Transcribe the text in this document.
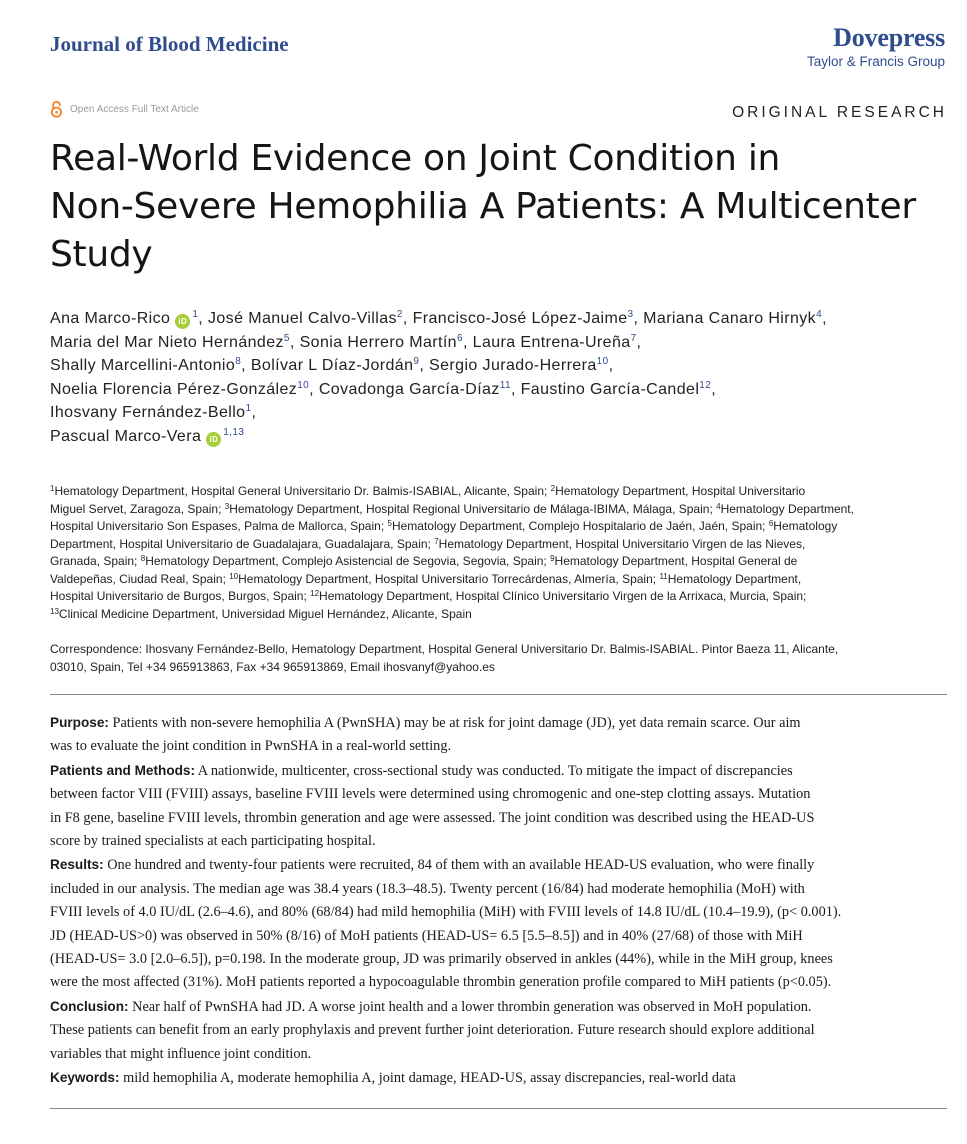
Journal of Blood Medicine	Dovepress
Taylor & Francis Group
Open Access Full Text Article	ORIGINAL RESEARCH
Real-World Evidence on Joint Condition in
Non-Severe Hemophilia A Patients: A Multicenter
Study
Ana Marco-Rico $iD^1$, José Manuel Calvo-Villas$^2$, Francisco-José López-Jaime$^3$, Mariana Canaro Hirnyk$^4$,
Maria del Mar Nieto Hernández$^5$, Sonia Herrero Martín$^6$, Laura Entrena-Ureña$^7$,
Shally Marcellini-Antonio$^8$, Bolívar L Díaz-Jordán$^9$, Sergio Jurado-Herrera$^{10}$,
Noelia Florencia Pérez-González$^{10}$, Covadonga García-Díaz$^{11}$, Faustino García-Candel$^{12}$,
Ihosvany Fernández-Bello$^1$,
Pascual Marco-Vera iD$^{1,13}$
$^1$Hematology Department, Hospital General Universitario Dr. Balmis-ISABIAL, Alicante, Spain; $^2$Hematology Department, Hospital Universitario
Miguel Servet, Zaragoza, Spain; $^3$Hematology Department, Hospital Regional Universitario de Málaga-IBIMA, Málaga, Spain; $^4$Hematology Department,
Hospital Universitario Son Espases, Palma de Mallorca, Spain; $^5$Hematology Department, Complejo Hospitalario de Jaén, Jaén, Spain; $^6$Hematology
Department, Hospital Universitario de Guadalajara, Guadalajara, Spain; $^7$Hematology Department, Hospital Universitario Virgen de las Nieves,
Granada, Spain; $^8$Hematology Department, Complejo Asistencial de Segovia, Segovia, Spain; $^9$Hematology Department, Hospital General de
Valdepeñas, Ciudad Real, Spain; $^{10}$Hematology Department, Hospital Universitario Torrecárdenas, Almería, Spain; $^{11}$Hematology Department,
Hospital Universitario de Burgos, Burgos, Spain; $^{12}$Hematology Department, Hospital Clínico Universitario Virgen de la Arrixaca, Murcia, Spain;
$^{13}$Clinical Medicine Department, Universidad Miguel Hernández, Alicante, Spain
Correspondence: Ihosvany Fernández-Bello, Hematology Department, Hospital General Universitario Dr. Balmis-ISABIAL. Pintor Baeza 11, Alicante,
03010, Spain, Tel +34 965913863, Fax +34 965913869, Email ihosvanyf@yahoo.es
Purpose: Patients with non-severe hemophilia A (PwnSHA) may be at risk for joint damage (JD), yet data remain scarce. Our aim
was to evaluate the joint condition in PwnSHA in a real-world setting.
Patients and Methods: A nationwide, multicenter, cross-sectional study was conducted. To mitigate the impact of discrepancies
between factor VIII (FVIII) assays, baseline FVIII levels were determined using chromogenic and one-step clotting assays. Mutation
in F8 gene, baseline FVIII levels, thrombin generation and age were assessed. The joint condition was described using the HEAD-US
score by trained specialists at each participating hospital.
Results: One hundred and twenty-four patients were recruited, 84 of them with an available HEAD-US evaluation, who were finally
included in our analysis. The median age was 38.4 years (18.3–48.5). Twenty percent (16/84) had moderate hemophilia (MoH) with
FVIII levels of 4.0 IU/dL (2.6–4.6), and 80% (68/84) had mild hemophilia (MiH) with FVIII levels of 14.8 IU/dL (10.4–19.9), (p< 0.001).
JD (HEAD-US>0) was observed in 50% (8/16) of MoH patients (HEAD-US= 6.5 [5.5–8.5]) and in 40% (27/68) of those with MiH
(HEAD-US= 3.0 [2.0–6.5]), p=0.198. In the moderate group, JD was primarily observed in ankles (44%), while in the MiH group, knees
were the most affected (31%). MoH patients reported a hypocoagulable thrombin generation profile compared to MiH patients (p<0.05).
Conclusion: Near half of PwnSHA had JD. A worse joint health and a lower thrombin generation was observed in MoH population.
These patients can benefit from an early prophylaxis and prevent further joint deterioration. Future research should explore additional
variables that might influence joint condition.
Keywords: mild hemophilia A, moderate hemophilia A, joint damage, HEAD-US, assay discrepancies, real-world data
